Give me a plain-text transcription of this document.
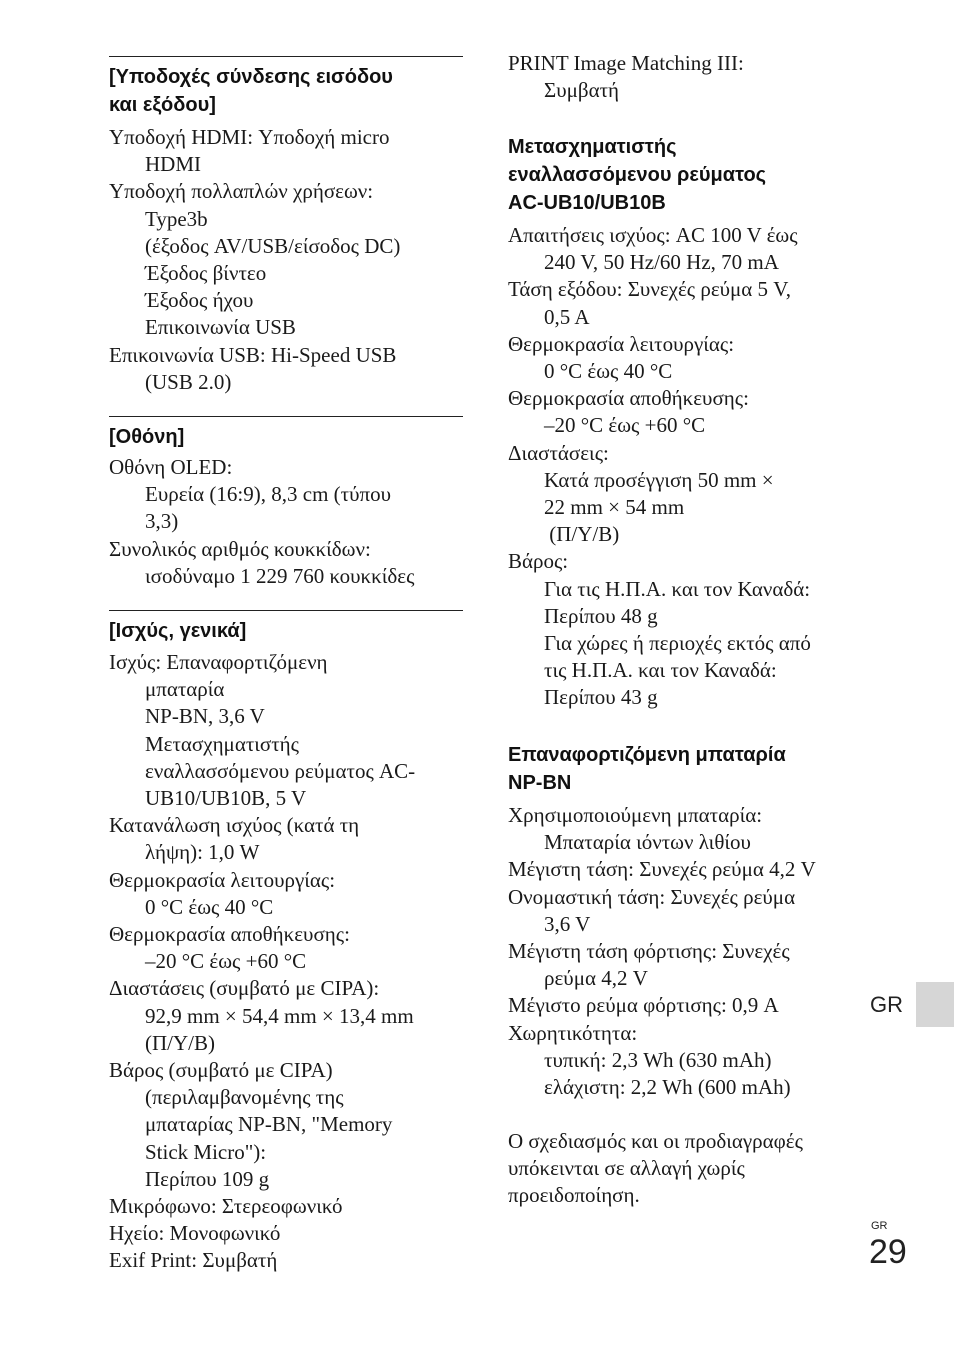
[Υποδοχές σύνδεσης εισόδου
και εξόδου]
Υποδοχή HDMI: Υποδοχή micro
HDMI
Υποδοχή πολλαπλών χρήσεων:
Type3b
(έξοδος AV/USB/είσοδος DC)
Έξοδος βίντεο
Έξοδος ήχου
Επικοινωνία USB
Επικοινωνία USB: Hi-Speed USB
(USB 2.0)
[Οθόνη]
Οθόνη OLED:
Ευρεία (16:9), 8,3 cm (τύπου
3,3)
Συνολικός αριθμός κουκκίδων:
ισοδύναμο 1 229 760 κουκκίδες
[Ισχύς, γενικά]
Ισχύς: Επαναφορτιζόμενη
μπαταρία
NP-BN, 3,6 V
Μετασχηματιστής
εναλλασσόμενου ρεύματος AC-
UB10/UB10B, 5 V
Κατανάλωση ισχύος (κατά τη
λήψη): 1,0 W
Θερμοκρασία λειτουργίας:
0 °C έως 40 °C
Θερμοκρασία αποθήκευσης:
–20 °C έως +60 °C
Διαστάσεις (συμβατό με CIPA):
92,9 mm × 54,4 mm × 13,4 mm
(Π/Υ/Β)
Βάρος (συμβατό με CIPA)
(περιλαμβανομένης της
μπαταρίας NP-BN, "Memory
Stick Micro"):
Περίπου 109 g
Μικρόφωνο: Στερεοφωνικό
Ηχείο: Μονοφωνικό
Exif Print: Συμβατή
PRINT Image Matching III:
Συμβατή
Μετασχηματιστής
εναλλασσόμενου ρεύματος
AC-UB10/UB10B
Απαιτήσεις ισχύος: AC 100 V έως
240 V, 50 Hz/60 Hz, 70 mA
Τάση εξόδου: Συνεχές ρεύμα 5 V,
0,5 A
Θερμοκρασία λειτουργίας:
0 °C έως 40 °C
Θερμοκρασία αποθήκευσης:
–20 °C έως +60 °C
Διαστάσεις:
Κατά προσέγγιση 50 mm ×
22 mm × 54 mm
(Π/Υ/Β)
Βάρος:
Για τις Η.Π.Α. και τον Καναδά:
Περίπου 48 g
Για χώρες ή περιοχές εκτός από
τις Η.Π.Α. και τον Καναδά:
Περίπου 43 g
Επαναφορτιζόμενη μπαταρία
NP-BN
Χρησιμοποιούμενη μπαταρία:
Μπαταρία ιόντων λιθίου
Μέγιστη τάση: Συνεχές ρεύμα 4,2 V
Ονομαστική τάση: Συνεχές ρεύμα
3,6 V
Μέγιστη τάση φόρτισης: Συνεχές
ρεύμα 4,2 V
Μέγιστο ρεύμα φόρτισης: 0,9 A
Χωρητικότητα:
τυπική: 2,3 Wh (630 mAh)
ελάχιστη: 2,2 Wh (600 mAh)
Ο σχεδιασμός και οι προδιαγραφές
υπόκεινται σε αλλαγή χωρίς
προειδοποίηση.
GR
GR
29
